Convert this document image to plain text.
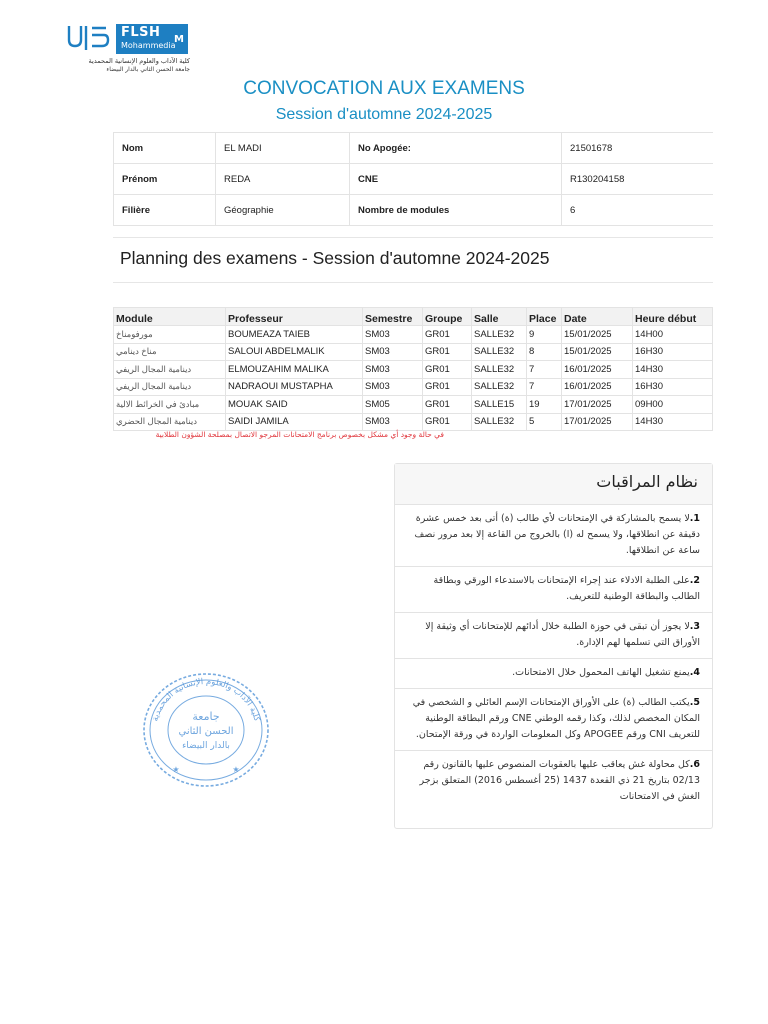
FLSH
Mohammedia
M
كلية الآداب والعلوم الإنسانية المحمدية
جامعة الحسن الثاني بالدار البيضاء
CONVOCATION AUX EXAMENS
Session d'automne 2024-2025
Nom	EL MADI	No Apogée:	21501678
Prénom	REDA	CNE	R130204158
Filière	Géographie	Nombre de modules	6
Planning des examens - Session d'automne 2024-2025
Module	Professeur	Semestre	Groupe	Salle	Place	Date	Heure début
مورفومناخ	BOUMEAZA TAIEB	SM03	GR01	SALLE32	9	15/01/2025	14H00
مناخ دينامي	SALOUI ABDELMALIK	SM03	GR01	SALLE32	8	15/01/2025	16H30
دينامية المجال الريفي	ELMOUZAHIM MALIKA	SM03	GR01	SALLE32	7	16/01/2025	14H30
دينامية المجال الريفي	NADRAOUI MUSTAPHA	SM03	GR01	SALLE32	7	16/01/2025	16H30
مبادئ في الخرائط الالية	MOUAK SAID	SM05	GR01	SALLE15	19	17/01/2025	09H00
دينامية المجال الحضري	SAIDI JAMILA	SM03	GR01	SALLE32	5	17/01/2025	14H30
في حالة وجود أي مشكل بخصوص برنامج الامتحانات المرجو الاتصال بمصلحة الشؤون الطلابية
نظام المراقبات
1.لا يسمح بالمشاركة في الإمتحانات لأي طالب (ة) أتى بعد خمس عشرة دقيقة عن انطلاقها، ولا يسمح له (ا) بالخروج من القاعة إلا بعد مرور نصف ساعة عن انطلاقها.
2.على الطلبة الادلاء عند إجراء الإمتحانات بالاستدعاء الورقي وبطاقة الطالب والبطاقة الوطنية للتعريف.
3.لا يجوز أن تبقى في حوزة الطلبة خلال أدائهم للإمتحانات أي وثيقة إلا الأوراق التي تسلمها لهم الإدارة.
4.يمنع تشغيل الهاتف المحمول خلال الامتحانات.
5.يكتب الطالب (ة) على الأوراق الإمتحانات الإسم العائلي و الشخصي في المكان المخصص لذلك، وكذا رقمه الوطني CNE ورقم البطاقة الوطنية للتعريف CNI ورقم APOGEE وكل المعلومات الواردة في ورقة الإمتحان.
6.كل محاولة غش يعاقب عليها بالعقوبات المنصوص عليها بالقانون رقم 02/13 بتاريخ 21 ذي القعدة 1437 (25 أغسطس 2016) المتعلق بزجر الغش في الامتحانات
كلية الآداب والعلوم الإنسانية المحمدية
جامعة
الحسن الثاني
بالدار البيضاء
★	★
